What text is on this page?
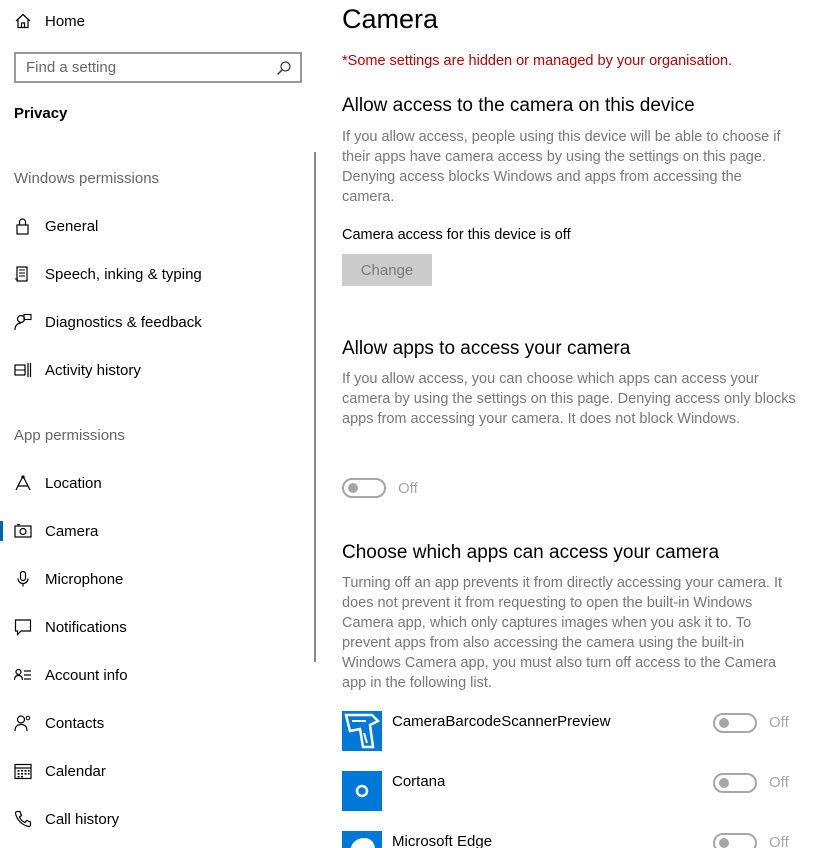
Home
Find a setting
Privacy
Windows permissions
General
Speech, inking & typing
Diagnostics & feedback
Activity history
App permissions
Location
Camera
Microphone
Notifications
Account info
Contacts
Calendar
Call history
Camera
*Some settings are hidden or managed by your organisation.
Allow access to the camera on this device
If you allow access, people using this device will be able to choose if their apps have camera access by using the settings on this page. Denying access blocks Windows and apps from accessing the camera.
Camera access for this device is off
Change
Allow apps to access your camera
If you allow access, you can choose which apps can access your camera by using the settings on this page. Denying access only blocks apps from accessing your camera. It does not block Windows.
Off
Choose which apps can access your camera
Turning off an app prevents it from directly accessing your camera. It does not prevent it from requesting to open the built-in Windows Camera app, which only captures images when you ask it to. To prevent apps from also accessing the camera using the built-in Windows Camera app, you must also turn off access to the Camera app in the following list.
CameraBarcodeScannerPreview	Off
Cortana	Off
Microsoft Edge	Off
